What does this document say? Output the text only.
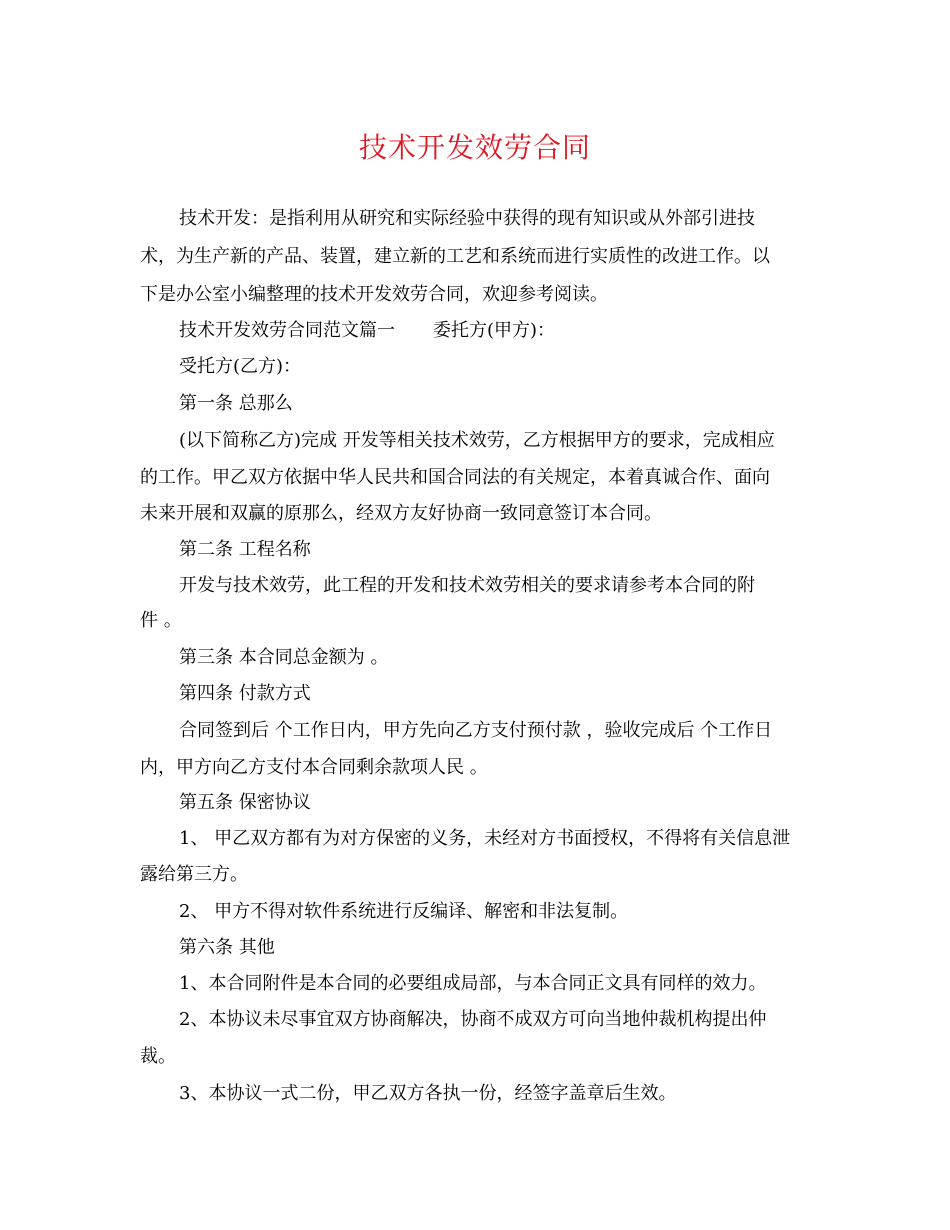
技术开发效劳合同
技术开发：是指利用从研究和实际经验中获得的现有知识或从外部引进技
术，为生产新的产品、装置，建立新的工艺和系统而进行实质性的改进工作。以
下是办公室小编整理的技术开发效劳合同，欢迎参考阅读。
技术开发效劳合同范文篇一 委托方(甲方)：
受托方(乙方)：
第一条 总那么
(以下简称乙方)完成 开发等相关技术效劳，乙方根据甲方的要求，完成相应
的工作。甲乙双方依据中华人民共和国合同法的有关规定，本着真诚合作、面向
未来开展和双赢的原那么，经双方友好协商一致同意签订本合同。
第二条 工程名称
开发与技术效劳，此工程的开发和技术效劳相关的要求请参考本合同的附
件 。
第三条 本合同总金额为 。
第四条 付款方式
合同签到后 个工作日内，甲方先向乙方支付预付款 ，验收完成后 个工作日
内，甲方向乙方支付本合同剩余款项人民 。
第五条 保密协议
1、 甲乙双方都有为对方保密的义务，未经对方书面授权，不得将有关信息泄
露给第三方。
2、 甲方不得对软件系统进行反编译、解密和非法复制。
第六条 其他
1、本合同附件是本合同的必要组成局部，与本合同正文具有同样的效力。
2、本协议未尽事宜双方协商解决，协商不成双方可向当地仲裁机构提出仲
裁。
3、本协议一式二份，甲乙双方各执一份，经签字盖章后生效。
